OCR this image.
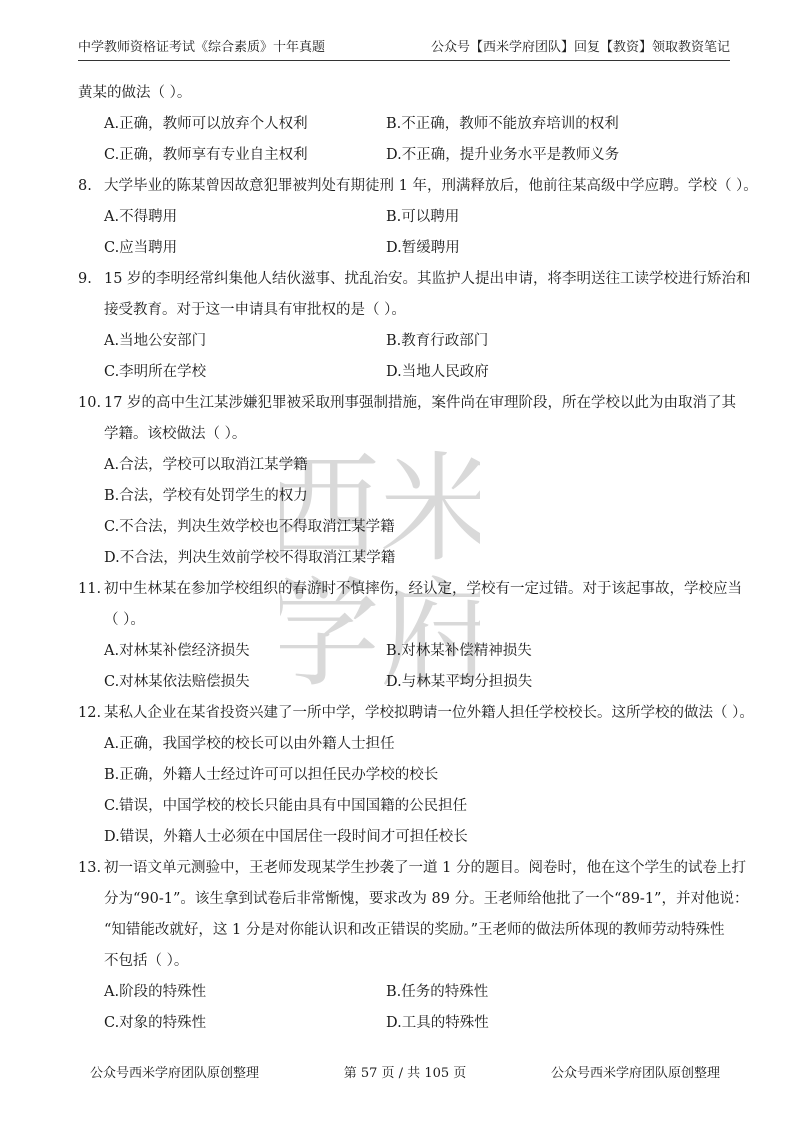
中学教师资格证考试《综合素质》十年真题	公众号【西米学府团队】回复【教资】领取教资笔记
西米
学府
黄某的做法（ ）。
A.正确，教师可以放弃个人权利	B.不正确，教师不能放弃培训的权利
C.正确，教师享有专业自主权利	D.不正确，提升业务水平是教师义务
8. 大学毕业的陈某曾因故意犯罪被判处有期徒刑 1 年，刑满释放后，他前往某高级中学应聘。学校（ ）。
A.不得聘用	B.可以聘用
C.应当聘用	D.暂缓聘用
9. 15 岁的李明经常纠集他人结伙滋事、扰乱治安。其监护人提出申请，将李明送往工读学校进行矫治和
接受教育。对于这一申请具有审批权的是（ ）。
A.当地公安部门	B.教育行政部门
C.李明所在学校	D.当地人民政府
10. 17 岁的高中生江某涉嫌犯罪被采取刑事强制措施，案件尚在审理阶段，所在学校以此为由取消了其
学籍。该校做法（ ）。
A.合法，学校可以取消江某学籍
B.合法，学校有处罚学生的权力
C.不合法，判决生效学校也不得取消江某学籍
D.不合法，判决生效前学校不得取消江某学籍
11. 初中生林某在参加学校组织的春游时不慎摔伤，经认定，学校有一定过错。对于该起事故，学校应当
（ ）。
A.对林某补偿经济损失	B.对林某补偿精神损失
C.对林某依法赔偿损失	D.与林某平均分担损失
12. 某私人企业在某省投资兴建了一所中学，学校拟聘请一位外籍人担任学校校长。这所学校的做法（ ）。
A.正确，我国学校的校长可以由外籍人士担任
B.正确，外籍人士经过许可可以担任民办学校的校长
C.错误，中国学校的校长只能由具有中国国籍的公民担任
D.错误，外籍人士必须在中国居住一段时间才可担任校长
13. 初一语文单元测验中，王老师发现某学生抄袭了一道 1 分的题目。阅卷时，他在这个学生的试卷上打
分为“90-1”。该生拿到试卷后非常惭愧，要求改为 89 分。王老师给他批了一个“89-1”，并对他说：
“知错能改就好，这 1 分是对你能认识和改正错误的奖励。”王老师的做法所体现的教师劳动特殊性
不包括（ ）。
A.阶段的特殊性	B.任务的特殊性
C.对象的特殊性	D.工具的特殊性
公众号西米学府团队原创整理	第 57 页 / 共 105 页	公众号西米学府团队原创整理
